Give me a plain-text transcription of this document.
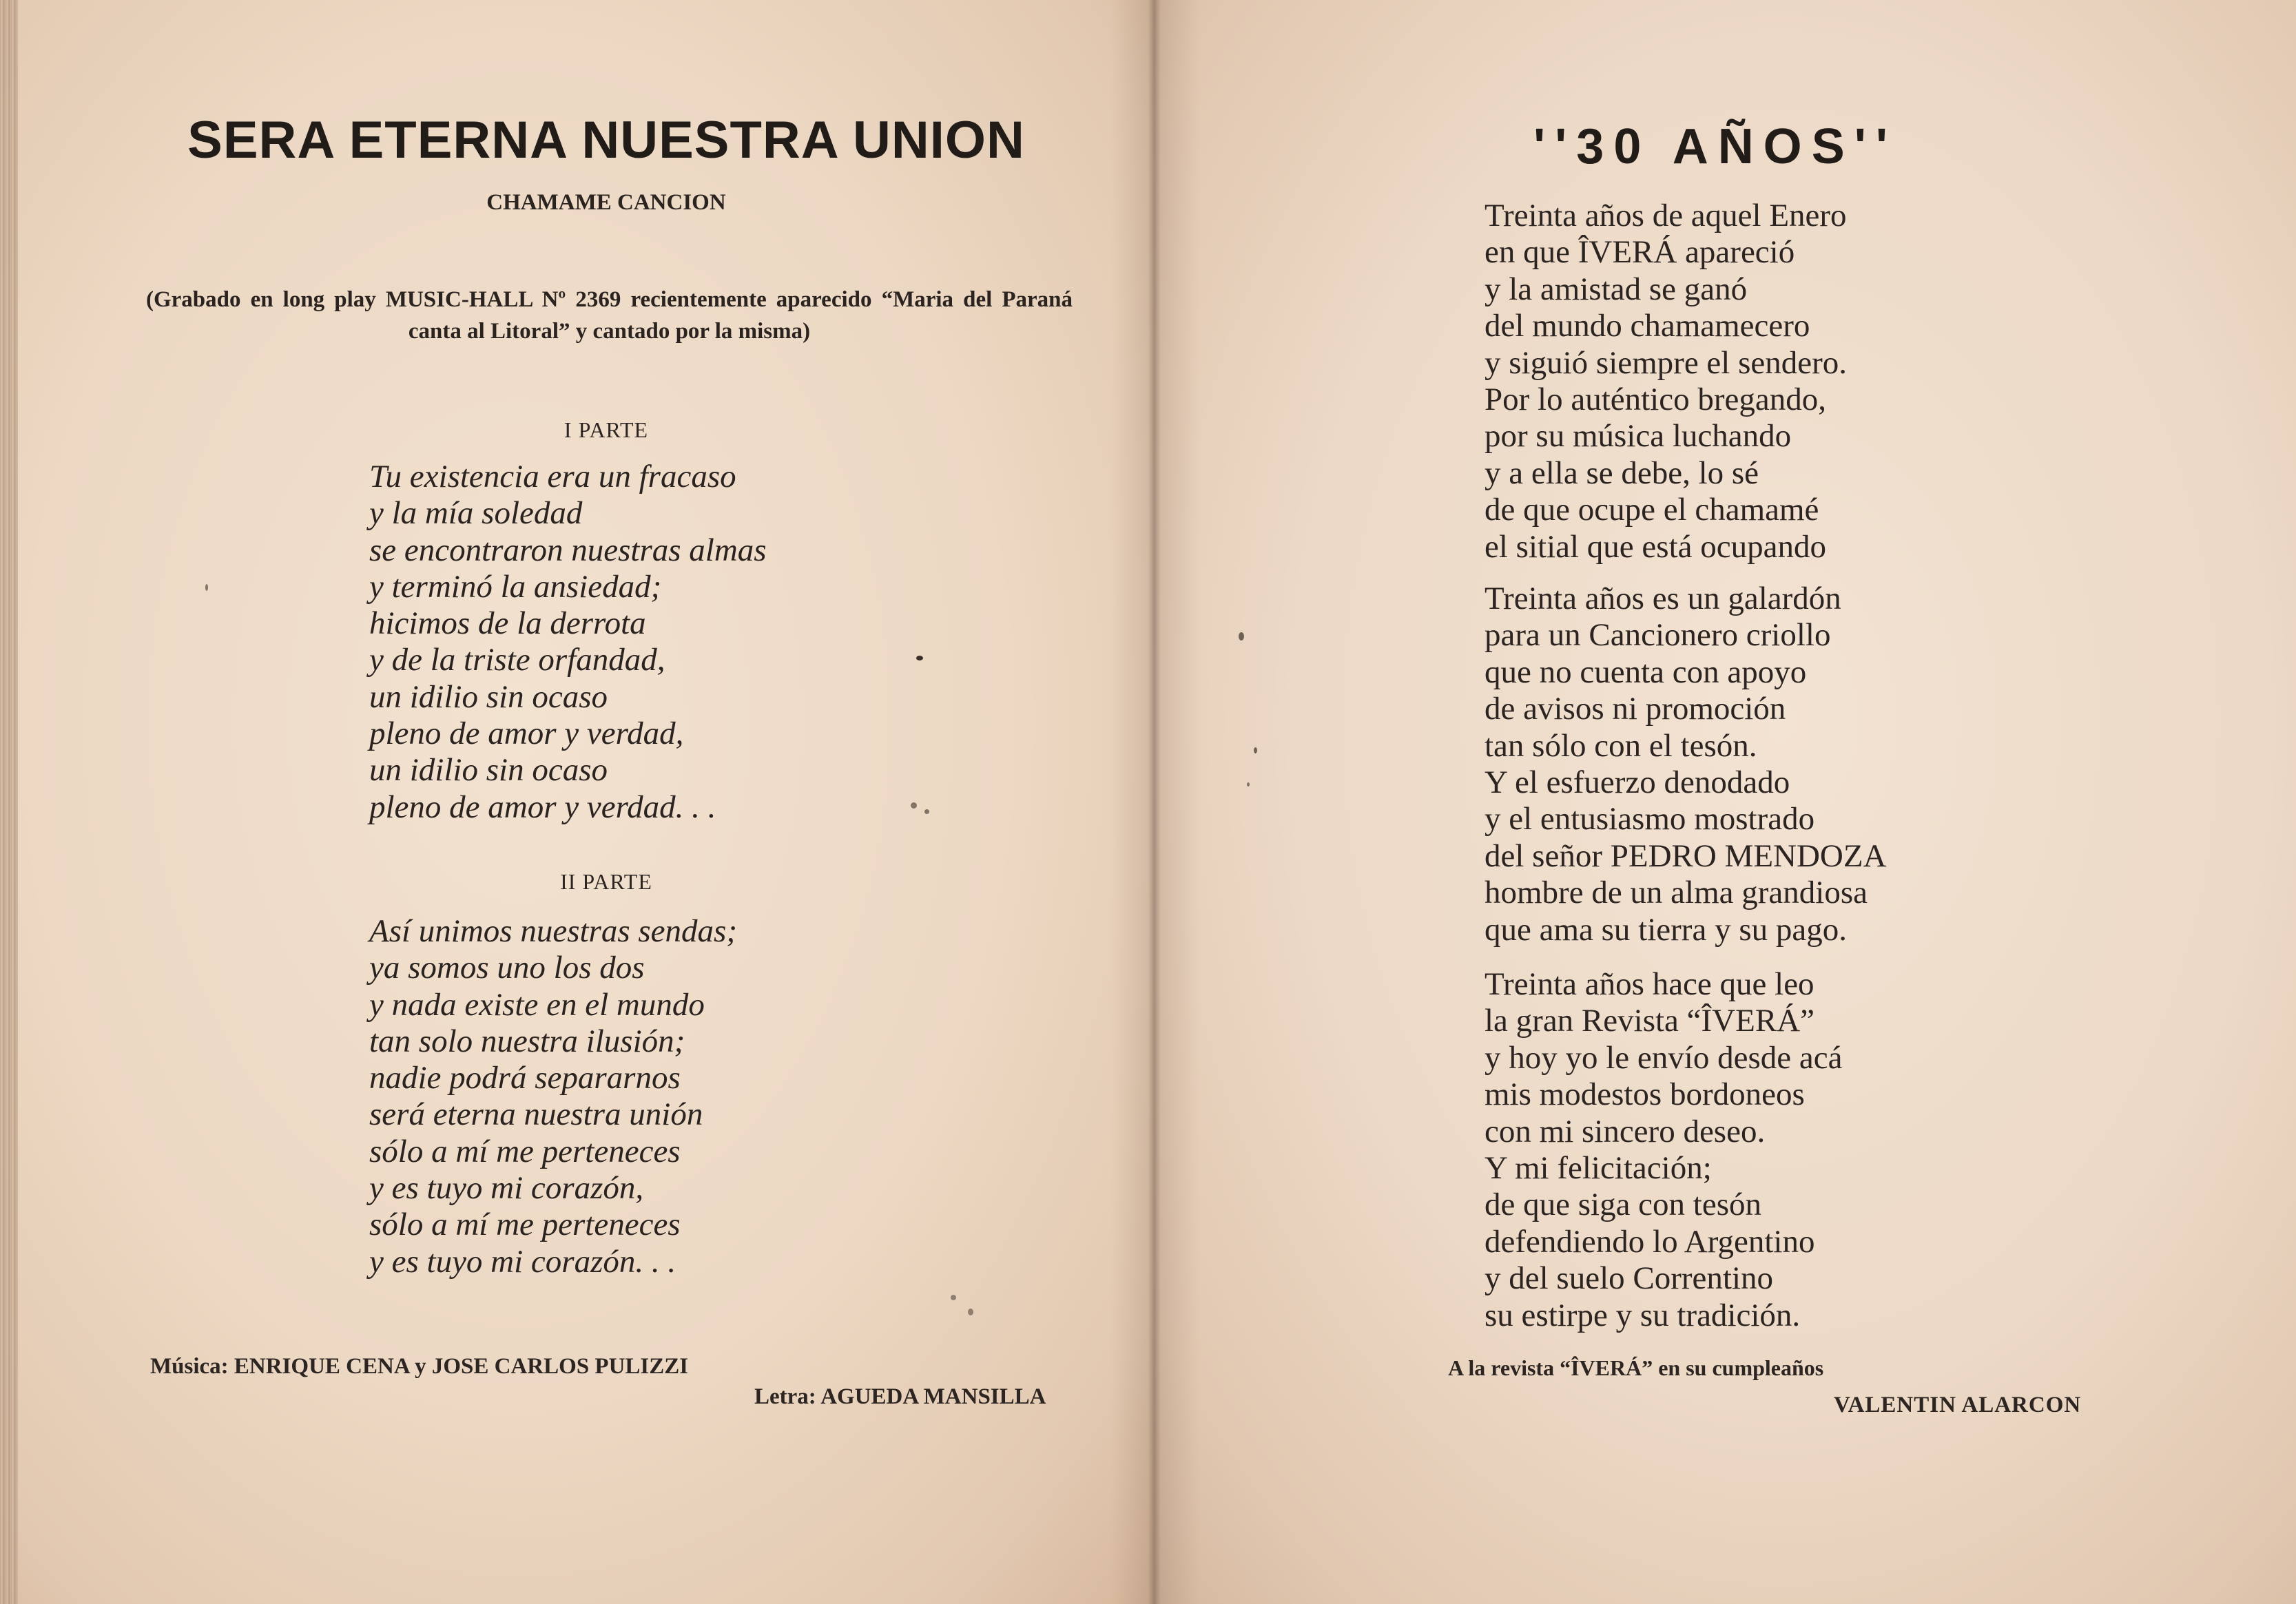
SERA ETERNA NUESTRA UNION
CHAMAME CANCION
(Grabado en long play MUSIC-HALL Nº 2369 recientemente aparecido “Maria del Paraná canta al Litoral” y cantado por la misma)
I PARTE
Tu existencia era un fracaso
y la mía soledad
se encontraron nuestras almas
y terminó la ansiedad;
hicimos de la derrota
y de la triste orfandad,
un idilio sin ocaso
pleno de amor y verdad,
un idilio sin ocaso
pleno de amor y verdad. . .
II PARTE
Así unimos nuestras sendas;
ya somos uno los dos
y nada existe en el mundo
tan solo nuestra ilusión;
nadie podrá separarnos
será eterna nuestra unión
sólo a mí me perteneces
y es tuyo mi corazón,
sólo a mí me perteneces
y es tuyo mi corazón. . .
Música: ENRIQUE CENA y JOSE CARLOS PULIZZI
Letra: AGUEDA MANSILLA
''30 AÑOS''
Treinta años de aquel Enero
en que ÎVERÁ apareció
y la amistad se ganó
del mundo chamamecero
y siguió siempre el sendero.
Por lo auténtico bregando,
por su música luchando
y a ella se debe, lo sé
de que ocupe el chamamé
el sitial que está ocupando
Treinta años es un galardón
para un Cancionero criollo
que no cuenta con apoyo
de avisos ni promoción
tan sólo con el tesón.
Y el esfuerzo denodado
y el entusiasmo mostrado
del señor PEDRO MENDOZA
hombre de un alma grandiosa
que ama su tierra y su pago.
Treinta años hace que leo
la gran Revista “ÎVERÁ”
y hoy yo le envío desde acá
mis modestos bordoneos
con mi sincero deseo.
Y mi felicitación;
de que siga con tesón
defendiendo lo Argentino
y del suelo Correntino
su estirpe y su tradición.
A la revista “ÎVERÁ” en su cumpleaños
VALENTIN ALARCON
